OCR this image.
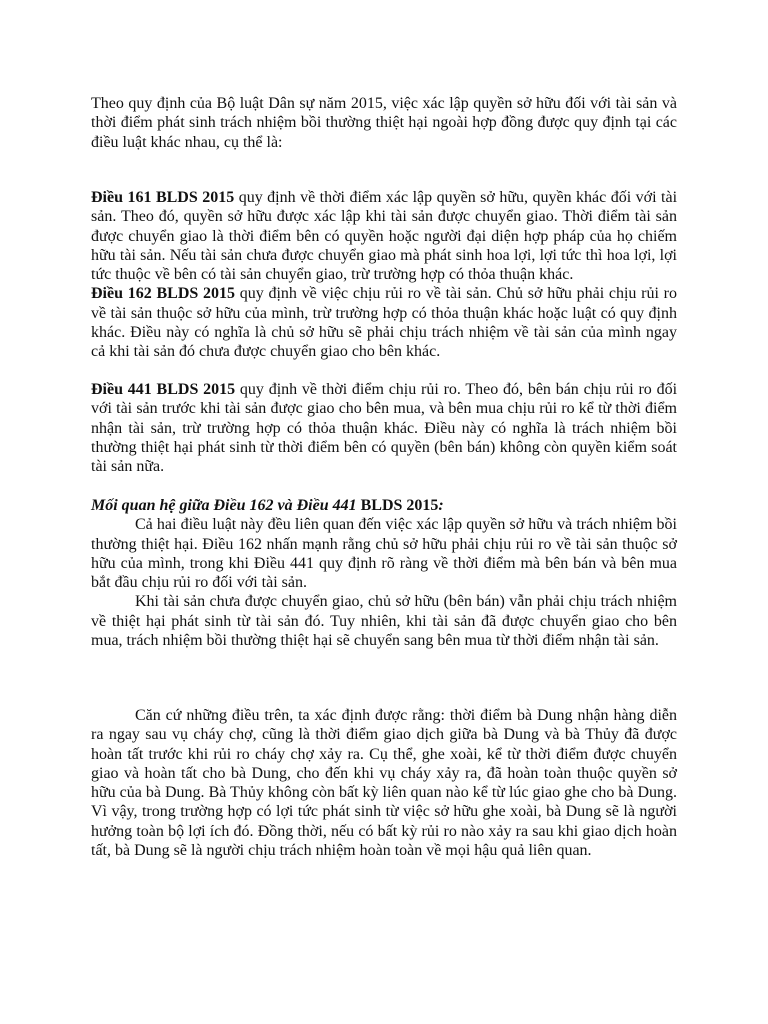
Theo quy định của Bộ luật Dân sự năm 2015, việc xác lập quyền sở hữu đối với tài sản và thời điểm phát sinh trách nhiệm bồi thường thiệt hại ngoài hợp đồng được quy định tại các điều luật khác nhau, cụ thể là:

Điều 161 BLDS 2015 quy định về thời điểm xác lập quyền sở hữu, quyền khác đối với tài sản. Theo đó, quyền sở hữu được xác lập khi tài sản được chuyển giao. Thời điểm tài sản được chuyển giao là thời điểm bên có quyền hoặc người đại diện hợp pháp của họ chiếm hữu tài sản. Nếu tài sản chưa được chuyển giao mà phát sinh hoa lợi, lợi tức thì hoa lợi, lợi tức thuộc về bên có tài sản chuyển giao, trừ trường hợp có thỏa thuận khác.

Điều 162 BLDS 2015 quy định về việc chịu rủi ro về tài sản. Chủ sở hữu phải chịu rủi ro về tài sản thuộc sở hữu của mình, trừ trường hợp có thỏa thuận khác hoặc luật có quy định khác. Điều này có nghĩa là chủ sở hữu sẽ phải chịu trách nhiệm về tài sản của mình ngay cả khi tài sản đó chưa được chuyển giao cho bên khác.

Điều 441 BLDS 2015 quy định về thời điểm chịu rủi ro. Theo đó, bên bán chịu rủi ro đối với tài sản trước khi tài sản được giao cho bên mua, và bên mua chịu rủi ro kể từ thời điểm nhận tài sản, trừ trường hợp có thỏa thuận khác. Điều này có nghĩa là trách nhiệm bồi thường thiệt hại phát sinh từ thời điểm bên có quyền (bên bán) không còn quyền kiểm soát tài sản nữa.

Mối quan hệ giữa Điều 162 và Điều 441 BLDS 2015:

Cả hai điều luật này đều liên quan đến việc xác lập quyền sở hữu và trách nhiệm bồi thường thiệt hại. Điều 162 nhấn mạnh rằng chủ sở hữu phải chịu rủi ro về tài sản thuộc sở hữu của mình, trong khi Điều 441 quy định rõ ràng về thời điểm mà bên bán và bên mua bắt đầu chịu rủi ro đối với tài sản.

Khi tài sản chưa được chuyển giao, chủ sở hữu (bên bán) vẫn phải chịu trách nhiệm về thiệt hại phát sinh từ tài sản đó. Tuy nhiên, khi tài sản đã được chuyển giao cho bên mua, trách nhiệm bồi thường thiệt hại sẽ chuyển sang bên mua từ thời điểm nhận tài sản.

Căn cứ những điều trên, ta xác định được rằng: thời điểm bà Dung nhận hàng diễn ra ngay sau vụ cháy chợ, cũng là thời điểm giao dịch giữa bà Dung và bà Thủy đã được hoàn tất trước khi rủi ro cháy chợ xảy ra. Cụ thể, ghe xoài, kể từ thời điểm được chuyển giao và hoàn tất cho bà Dung, cho đến khi vụ cháy xảy ra, đã hoàn toàn thuộc quyền sở hữu của bà Dung. Bà Thủy không còn bất kỳ liên quan nào kể từ lúc giao ghe cho bà Dung. Vì vậy, trong trường hợp có lợi tức phát sinh từ việc sở hữu ghe xoài, bà Dung sẽ là người hưởng toàn bộ lợi ích đó. Đồng thời, nếu có bất kỳ rủi ro nào xảy ra sau khi giao dịch hoàn tất, bà Dung sẽ là người chịu trách nhiệm hoàn toàn về mọi hậu quả liên quan.
